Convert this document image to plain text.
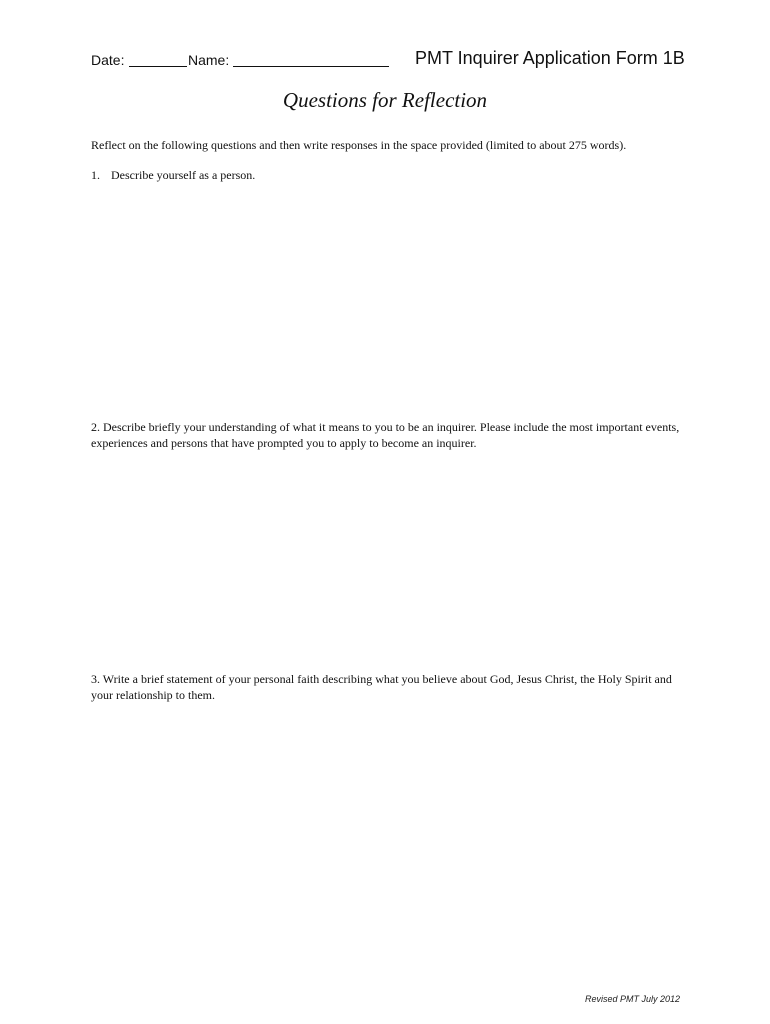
Date:	Name:	PMT Inquirer Application Form 1B
Questions for Reflection
Reflect on the following questions and then write responses in the space provided (limited to about 275 words).
1. Describe yourself as a person.
2. Describe briefly your understanding of what it means to you to be an inquirer. Please include the most important events, experiences and persons that have prompted you to apply to become an inquirer.
3. Write a brief statement of your personal faith describing what you believe about God, Jesus Christ, the Holy Spirit and your relationship to them.
Revised PMT July 2012
